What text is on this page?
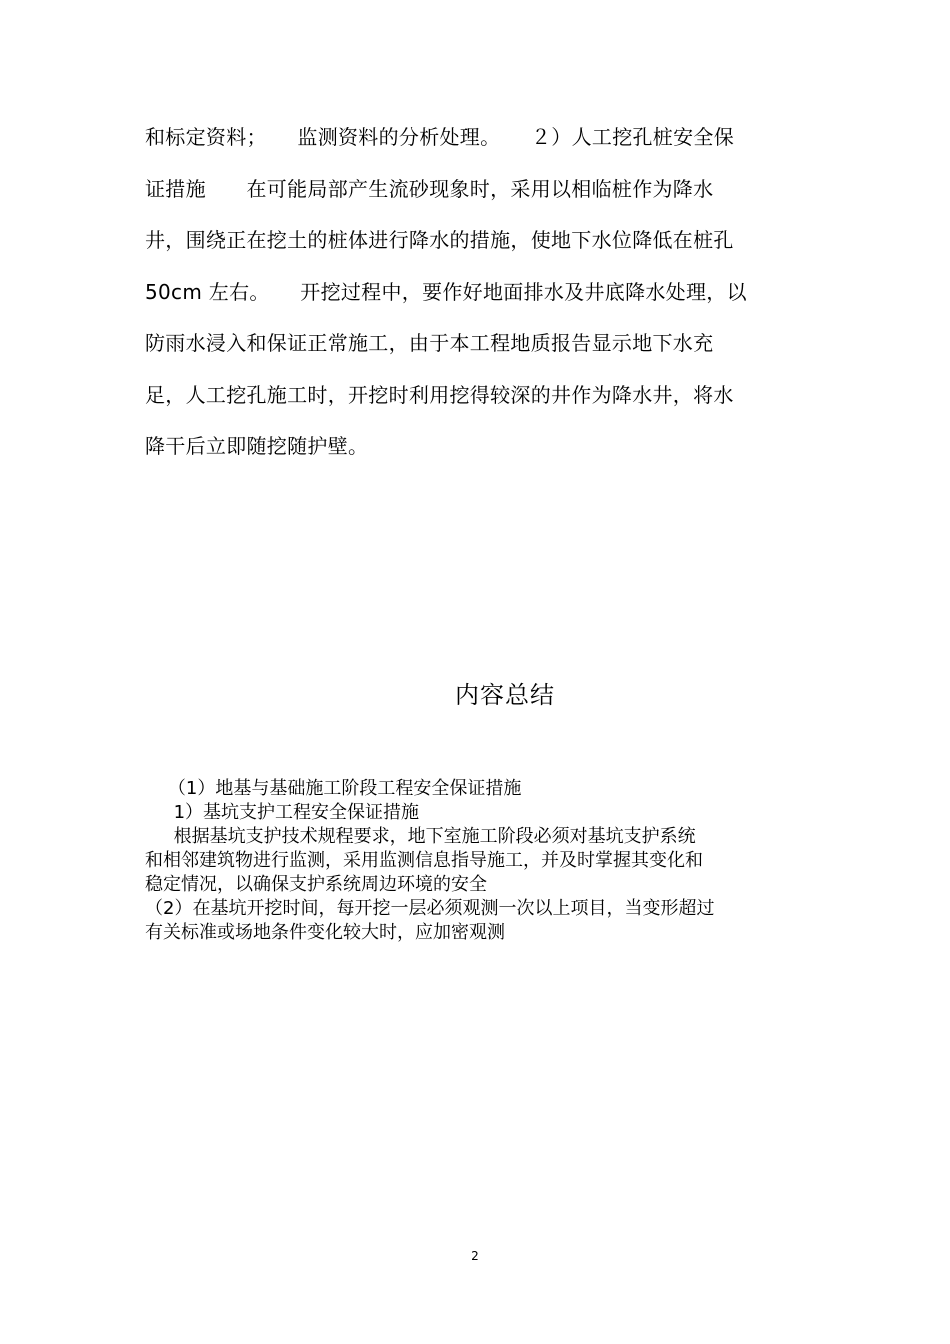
和标定资料；　　监测资料的分析处理。　　２）人工挖孔桩安全保
证措施　　在可能局部产生流砂现象时，采用以相临桩作为降水
井，围绕正在挖土的桩体进行降水的措施，使地下水位降低在桩孔
50cm 左右。　　开挖过程中，要作好地面排水及井底降水处理，以
防雨水浸入和保证正常施工，由于本工程地质报告显示地下水充
足，人工挖孔施工时，开挖时利用挖得较深的井作为降水井，将水
降干后立即随挖随护壁。
内容总结
（1）地基与基础施工阶段工程安全保证措施
1）基坑支护工程安全保证措施
根据基坑支护技术规程要求，地下室施工阶段必须对基坑支护系统
和相邻建筑物进行监测，采用监测信息指导施工，并及时掌握其变化和
稳定情况，以确保支护系统周边环境的安全
（2）在基坑开挖时间，每开挖一层必须观测一次以上项目，当变形超过
有关标准或场地条件变化较大时，应加密观测
2
